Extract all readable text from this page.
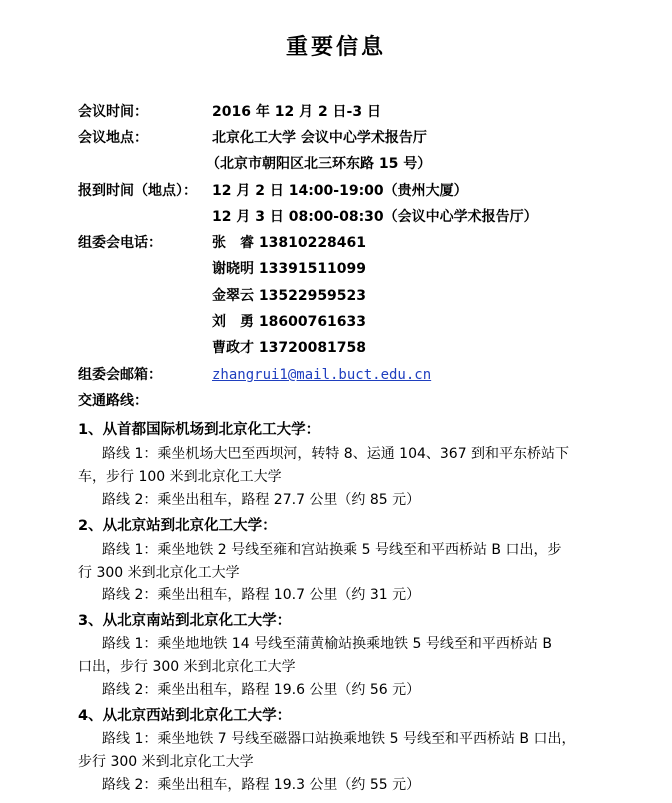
重要信息
会议时间：	2016 年 12 月 2 日-3 日
会议地点：	北京化工大学 会议中心学术报告厅
（北京市朝阳区北三环东路 15 号）
报到时间（地点）： 12 月 2 日 14:00-19:00（贵州大厦）
12 月 3 日 08:00-08:30（会议中心学术报告厅）
组委会电话：	张　睿 13810228461
谢晓明 13391511099
金翠云 13522959523
刘　勇 18600761633
曹政才 13720081758
组委会邮箱：	zhangrui1@mail.buct.edu.cn
交通路线：
1、从首都国际机场到北京化工大学：
路线 1：乘坐机场大巴至西坝河，转特 8、运通 104、367 到和平东桥站下
车，步行 100 米到北京化工大学
路线 2：乘坐出租车，路程 27.7 公里（约 85 元）
2、从北京站到北京化工大学：
路线 1：乘坐地铁 2 号线至雍和宫站换乘 5 号线至和平西桥站 B 口出，步
行 300 米到北京化工大学
路线 2：乘坐出租车，路程 10.7 公里（约 31 元）
3、从北京南站到北京化工大学：
路线 1：乘坐地地铁 14 号线至蒲黄榆站换乘地铁 5 号线至和平西桥站 B
口出，步行 300 米到北京化工大学
路线 2：乘坐出租车，路程 19.6 公里（约 56 元）
4、从北京西站到北京化工大学：
路线 1：乘坐地铁 7 号线至磁器口站换乘地铁 5 号线至和平西桥站 B 口出，
步行 300 米到北京化工大学
路线 2：乘坐出租车，路程 19.3 公里（约 55 元）
